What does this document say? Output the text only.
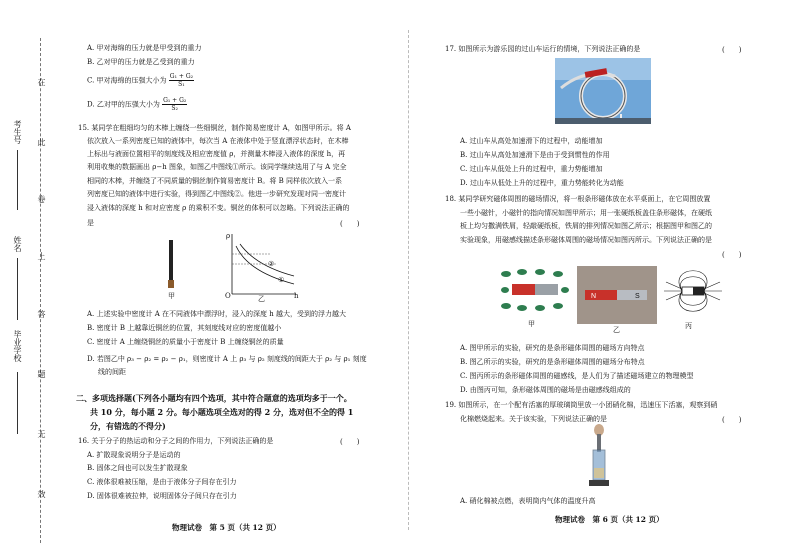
在
此
卷
上
答
题
无
效
考生号
姓名
毕业学校
A. 甲对海绵的压力就是甲受到的重力
B. 乙对甲的压力就是乙受到的重力
C. 甲对海绵的压强大小为 $\frac{\text{G₁ + G₂}}{\text{S₁}}$
D. 乙对甲的压强大小为 $\frac{\text{G₁ + G₂}}{\text{S₂}}$
15. 某同学在粗细均匀的木棒上缠绕一些细铜丝，制作简易密度计 A，如图甲所示。将 A
依次放入一系列密度已知的液体中，每次当 A 在液体中处于竖直漂浮状态时，在木棒
上标出与液面位置相平的刻度线及相应密度值 ρ，并测量木棒浸入液体的深度 h，再
利用收集的数据画出 ρ−h 图象，如图乙中图线①所示。该同学继续选用了与 A 完全
相同的木棒，并缠绕了不同质量的铜丝制作简易密度计 B。将 B 同样依次放入一系
列密度已知的液体中进行实验，得到图乙中图线②。他进一步研究发现对同一密度计
浸入液体的深度 h 和对应密度 ρ 的乘积不变。铜丝的体积可以忽略。下列说法正确的
是	(　　)
甲	乙
ρ
h
O
①
②
A. 上述实验中密度计 A 在不同液体中漂浮时，浸入的深度 h 越大，受到的浮力越大
B. 密度计 B 上越靠近铜丝的位置，其刻度线对应的密度值越小
C. 密度计 A 上缠绕铜丝的质量小于密度计 B 上缠绕铜丝的质量
D. 若图乙中 ρ₃ − ρ₂ = ρ₂ − ρ₁，则密度计 A 上 ρ₃ 与 ρ₂ 刻度线的间距大于 ρ₂ 与 ρ₁ 刻度
线的间距
二、多项选择题(下列各小题均有四个选项，其中符合题意的选项均多于一个。
共 10 分，每小题 2 分。每小题选项全选对的得 2 分，选对但不全的得 1
分，有错选的不得分)
16. 关于分子的热运动和分子之间的作用力，下列说法正确的是	(　　)
A. 扩散现象说明分子是运动的
B. 固体之间也可以发生扩散现象
C. 液体很难被压缩，是由于液体分子间存在引力
D. 固体很难被拉伸，说明固体分子间只存在引力
物理试卷　第 5 页（共 12 页）
17. 如图所示为游乐园的过山车运行的情境，下列说法正确的是	(　　)
A. 过山车从高处加速滑下的过程中，动能增加
B. 过山车从高处加速滑下是由于受到惯性的作用
C. 过山车从低处上升的过程中，重力势能增加
D. 过山车从低处上升的过程中，重力势能转化为动能
18. 某同学研究磁体周围的磁场情况，将一根条形磁体放在水平桌面上，在它周围放置
一些小磁针，小磁针的指向情况如图甲所示；用一张硬纸板盖住条形磁体，在硬纸
板上均匀撒满铁屑，轻敲硬纸板，铁屑的排列情况如图乙所示；根据图甲和图乙的
实验现象，用磁感线描述条形磁体周围的磁场情况如图丙所示。下列说法正确的是
(　　)
甲
N	S
乙	丙
A. 图甲所示的实验，研究的是条形磁体周围的磁场方向特点
B. 图乙所示的实验，研究的是条形磁体周围的磁场分布特点
C. 图丙所示的条形磁体周围的磁感线，是人们为了描述磁场建立的物理模型
D. 由图丙可知，条形磁体周围的磁场是由磁感线组成的
19. 如图所示，在一个配有活塞的厚玻璃筒里放一小团硝化棉，迅速压下活塞，观察到硝
化棉燃烧起来。关于该实验，下列说法正确的是	(　　)
A. 硝化棉被点燃，表明筒内气体的温度升高
物理试卷　第 6 页（共 12 页）
